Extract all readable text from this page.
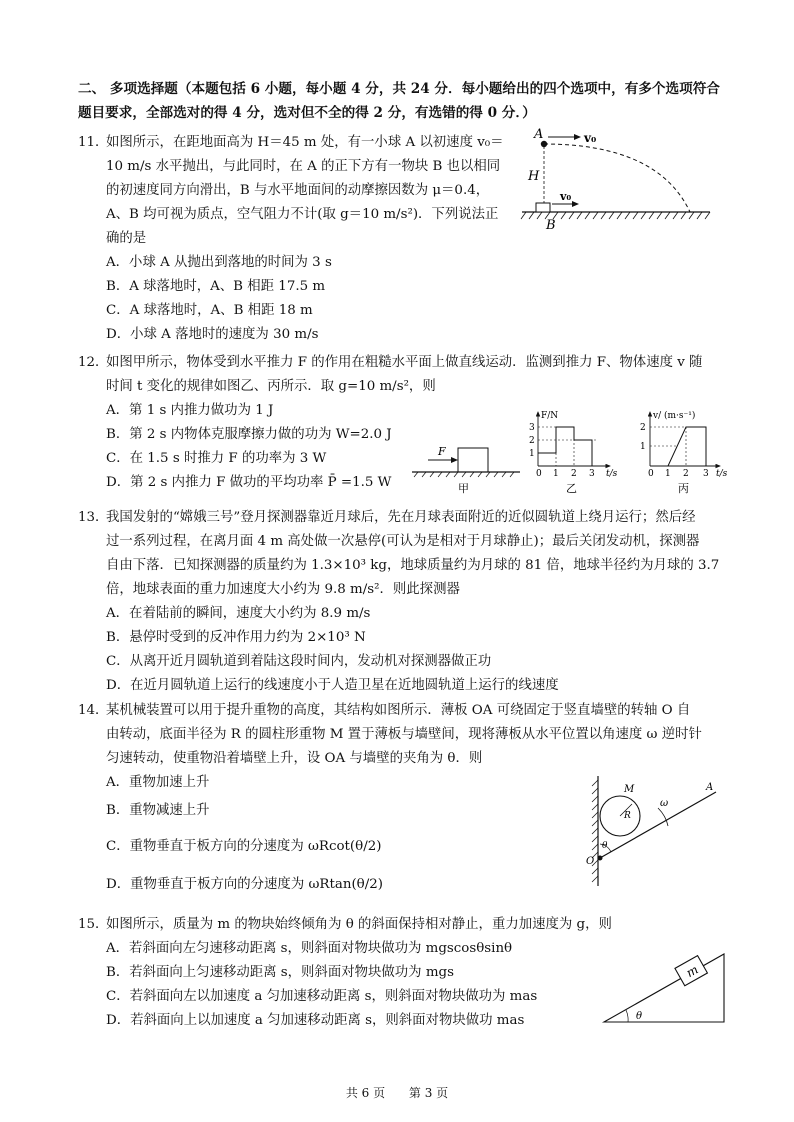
二、 多项选择题（本题包括 6 小题，每小题 4 分，共 24 分．每小题给出的四个选项中，有多个选项符合题目要求，全部选对的得 4 分，选对但不全的得 2 分，有选错的得 0 分．）
11．
如图所示，在距地面高为 H＝45 m 处，有一小球 A 以初速度 v₀＝
10 m/s 水平抛出，与此同时，在 A 的正下方有一物块 B 也以相同
的初速度同方向滑出，B 与水平地面间的动摩擦因数为 μ＝0.4，
A、B 均可视为质点，空气阻力不计(取 g＝10 m/s²)．下列说法正
确的是
A．小球 A 从抛出到落地的时间为 3 s
B．A 球落地时，A、B 相距 17.5 m
C．A 球落地时，A、B 相距 18 m
D．小球 A 落地时的速度为 30 m/s
A	v₀
H
v₀
B
12．
如图甲所示，物体受到水平推力 F 的作用在粗糙水平面上做直线运动．监测到推力 F、物体速度 v 随
时间 t 变化的规律如图乙、丙所示．取 g=10 m/s²，则
A．第 1 s 内推力做功为 1 J
B．第 2 s 内物体克服摩擦力做的功为 W=2.0 J
C．在 1.5 s 时推力 F 的功率为 3 W
D．第 2 s 内推力 F 做功的平均功率 P̄ =1.5 W
F
甲
F/N
1
2
3
0 1 2 3 t/s
乙
v/ (m·s⁻¹)
1
2
0 1 2 3 t/s
丙
13．
我国发射的“嫦娥三号”登月探测器靠近月球后，先在月球表面附近的近似圆轨道上绕月运行；然后经
过一系列过程，在离月面 4 m 高处做一次悬停(可认为是相对于月球静止)；最后关闭发动机，探测器
自由下落．已知探测器的质量约为 1.3×10³ kg，地球质量约为月球的 81 倍，地球半径约为月球的 3.7
倍，地球表面的重力加速度大小约为 9.8 m/s²．则此探测器
A．在着陆前的瞬间，速度大小约为 8.9 m/s
B．悬停时受到的反冲作用力约为 2×10³ N
C．从离开近月圆轨道到着陆这段时间内，发动机对探测器做正功
D．在近月圆轨道上运行的线速度小于人造卫星在近地圆轨道上运行的线速度
14．
某机械装置可以用于提升重物的高度，其结构如图所示．薄板 OA 可绕固定于竖直墙壁的转轴 O 自
由转动，底面半径为 R 的圆柱形重物 M 置于薄板与墙壁间，现将薄板从水平位置以角速度 ω 逆时针
匀速转动，使重物沿着墙壁上升，设 OA 与墙壁的夹角为 θ．则
A．重物加速上升
B．重物减速上升
C．重物垂直于板方向的分速度为 ωRcot(θ/2)
D．重物垂直于板方向的分速度为 ωRtan(θ/2)
M
R
θ
O
ω
A
15．
如图所示，质量为 m 的物块始终倾角为 θ 的斜面保持相对静止，重力加速度为 g，则
A．若斜面向左匀速移动距离 s，则斜面对物块做功为 mgscosθsinθ
B．若斜面向上匀速移动距离 s，则斜面对物块做功为 mgs
C．若斜面向左以加速度 a 匀加速移动距离 s，则斜面对物块做功为 mas
D．若斜面向上以加速度 a 匀加速移动距离 s，则斜面对物块做功 mas
m
θ
共 6 页 第 3 页
